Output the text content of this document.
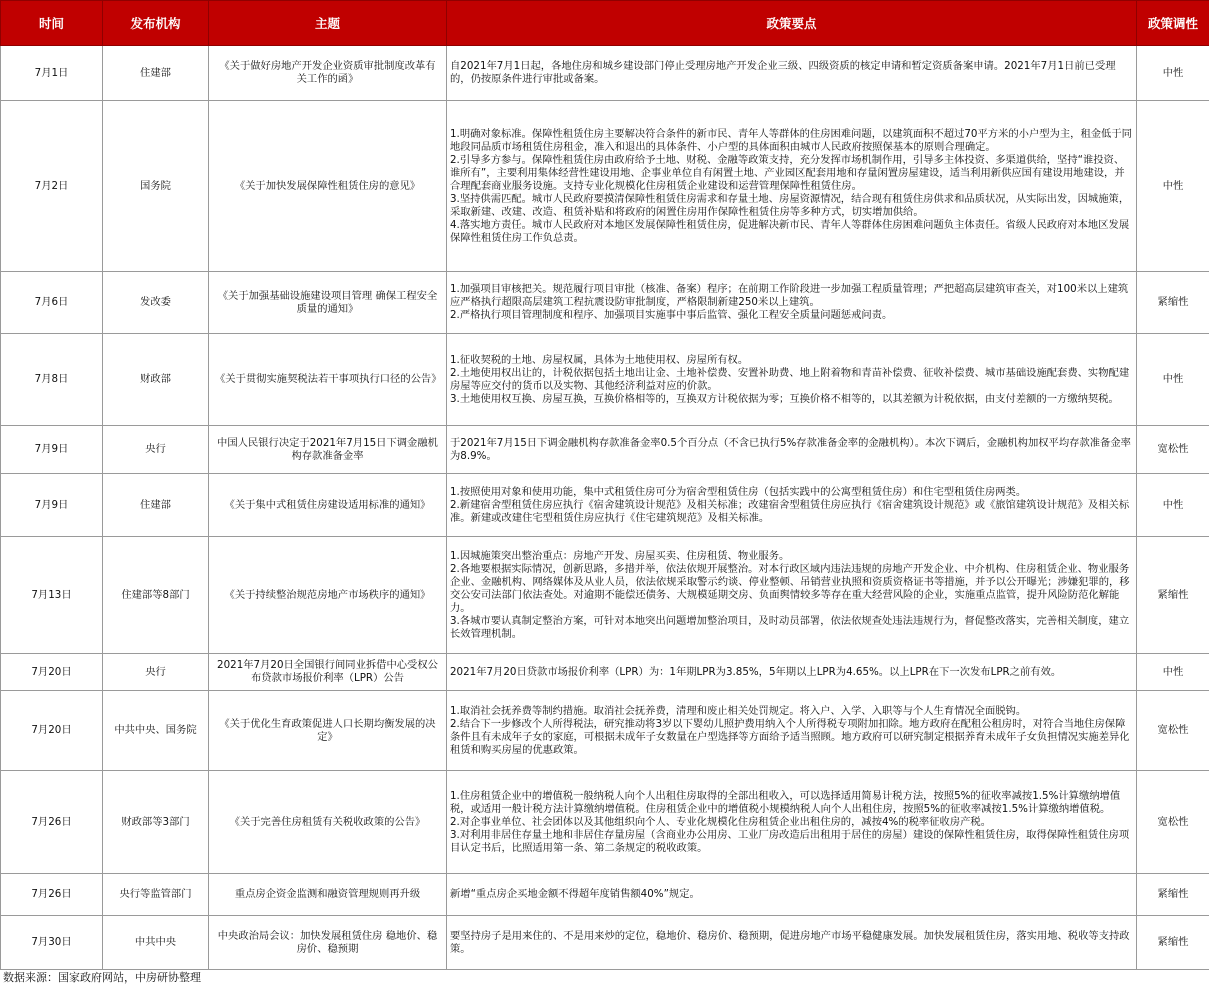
时间	发布机构	主题	政策要点	政策调性
7月1日	住建部	《关于做好房地产开发企业资质审批制度改革有关工作的函》	自2021年7月1日起，各地住房和城乡建设部门停止受理房地产开发企业三级、四级资质的核定申请和暂定资质备案申请。2021年7月1日前已受理的，仍按原条件进行审批或备案。	中性
7月2日	国务院	《关于加快发展保障性租赁住房的意见》	1.明确对象标准。保障性租赁住房主要解决符合条件的新市民、青年人等群体的住房困难问题，以建筑面积不超过70平方米的小户型为主，租金低于同地段同品质市场租赁住房租金，准入和退出的具体条件、小户型的具体面积由城市人民政府按照保基本的原则合理确定。
2.引导多方参与。保障性租赁住房由政府给予土地、财税、金融等政策支持，充分发挥市场机制作用，引导多主体投资、多渠道供给，坚持“谁投资、谁所有”，主要利用集体经营性建设用地、企事业单位自有闲置土地、产业园区配套用地和存量闲置房屋建设，适当利用新供应国有建设用地建设，并合理配套商业服务设施。支持专业化规模化住房租赁企业建设和运营管理保障性租赁住房。
3.坚持供需匹配。城市人民政府要摸清保障性租赁住房需求和存量土地、房屋资源情况，结合现有租赁住房供求和品质状况，从实际出发，因城施策，采取新建、改建、改造、租赁补贴和将政府的闲置住房用作保障性租赁住房等多种方式，切实增加供给。
4.落实地方责任。城市人民政府对本地区发展保障性租赁住房，促进解决新市民、青年人等群体住房困难问题负主体责任。省级人民政府对本地区发展保障性租赁住房工作负总责。	中性
7月6日	发改委	《关于加强基础设施建设项目管理 确保工程安全质量的通知》	1.加强项目审核把关。规范履行项目审批（核准、备案）程序；在前期工作阶段进一步加强工程质量管理；严把超高层建筑审查关，对100米以上建筑应严格执行超限高层建筑工程抗震设防审批制度，严格限制新建250米以上建筑。
2.严格执行项目管理制度和程序、加强项目实施事中事后监管、强化工程安全质量问题惩戒问责。	紧缩性
7月8日	财政部	《关于贯彻实施契税法若干事项执行口径的公告》	1.征收契税的土地、房屋权属，具体为土地使用权、房屋所有权。
2.土地使用权出让的，计税依据包括土地出让金、土地补偿费、安置补助费、地上附着物和青苗补偿费、征收补偿费、城市基础设施配套费、实物配建房屋等应交付的货币以及实物、其他经济利益对应的价款。
3.土地使用权互换、房屋互换，互换价格相等的，互换双方计税依据为零；互换价格不相等的，以其差额为计税依据，由支付差额的一方缴纳契税。	中性
7月9日	央行	中国人民银行决定于2021年7月15日下调金融机构存款准备金率	于2021年7月15日下调金融机构存款准备金率0.5个百分点（不含已执行5%存款准备金率的金融机构）。本次下调后，金融机构加权平均存款准备金率为8.9%。	宽松性
7月9日	住建部	《关于集中式租赁住房建设适用标准的通知》	1.按照使用对象和使用功能，集中式租赁住房可分为宿舍型租赁住房（包括实践中的公寓型租赁住房）和住宅型租赁住房两类。
2.新建宿舍型租赁住房应执行《宿舍建筑设计规范》及相关标准；改建宿舍型租赁住房应执行《宿舍建筑设计规范》或《旅馆建筑设计规范》及相关标准。新建或改建住宅型租赁住房应执行《住宅建筑规范》及相关标准。	中性
7月13日	住建部等8部门	《关于持续整治规范房地产市场秩序的通知》	1.因城施策突出整治重点：房地产开发、房屋买卖、住房租赁、物业服务。
2.各地要根据实际情况，创新思路，多措并举，依法依规开展整治。对本行政区域内违法违规的房地产开发企业、中介机构、住房租赁企业、物业服务企业、金融机构、网络媒体及从业人员，依法依规采取警示约谈、停业整顿、吊销营业执照和资质资格证书等措施，并予以公开曝光；涉嫌犯罪的，移交公安司法部门依法查处。对逾期不能偿还债务、大规模延期交房、负面舆情较多等存在重大经营风险的企业，实施重点监管，提升风险防范化解能力。
3.各城市要认真制定整治方案，可针对本地突出问题增加整治项目，及时动员部署，依法依规查处违法违规行为，督促整改落实，完善相关制度，建立长效管理机制。	紧缩性
7月20日	央行	2021年7月20日全国银行间同业拆借中心受权公布贷款市场报价利率（LPR）公告	2021年7月20日贷款市场报价利率（LPR）为：1年期LPR为3.85%，5年期以上LPR为4.65%。以上LPR在下一次发布LPR之前有效。	中性
7月20日	中共中央、国务院	《关于优化生育政策促进人口长期均衡发展的决定》	1.取消社会抚养费等制约措施。取消社会抚养费，清理和废止相关处罚规定。将入户、入学、入职等与个人生育情况全面脱钩。
2.结合下一步修改个人所得税法，研究推动将3岁以下婴幼儿照护费用纳入个人所得税专项附加扣除。地方政府在配租公租房时，对符合当地住房保障条件且有未成年子女的家庭，可根据未成年子女数量在户型选择等方面给予适当照顾。地方政府可以研究制定根据养育未成年子女负担情况实施差异化租赁和购买房屋的优惠政策。	宽松性
7月26日	财政部等3部门	《关于完善住房租赁有关税收政策的公告》	1.住房租赁企业中的增值税一般纳税人向个人出租住房取得的全部出租收入，可以选择适用简易计税方法，按照5%的征收率减按1.5%计算缴纳增值税，或适用一般计税方法计算缴纳增值税。住房租赁企业中的增值税小规模纳税人向个人出租住房，按照5%的征收率减按1.5%计算缴纳增值税。
2.对企事业单位、社会团体以及其他组织向个人、专业化规模化住房租赁企业出租住房的，减按4%的税率征收房产税。
3.对利用非居住存量土地和非居住存量房屋（含商业办公用房、工业厂房改造后出租用于居住的房屋）建设的保障性租赁住房，取得保障性租赁住房项目认定书后，比照适用第一条、第二条规定的税收政策。	宽松性
7月26日	央行等监管部门	重点房企资金监测和融资管理规则再升级	新增“重点房企买地金额不得超年度销售额40%”规定。	紧缩性
7月30日	中共中央	中央政治局会议：加快发展租赁住房 稳地价、稳房价、稳预期	要坚持房子是用来住的、不是用来炒的定位，稳地价、稳房价、稳预期，促进房地产市场平稳健康发展。加快发展租赁住房，落实用地、税收等支持政策。	紧缩性
数据来源：国家政府网站，中房研协整理
